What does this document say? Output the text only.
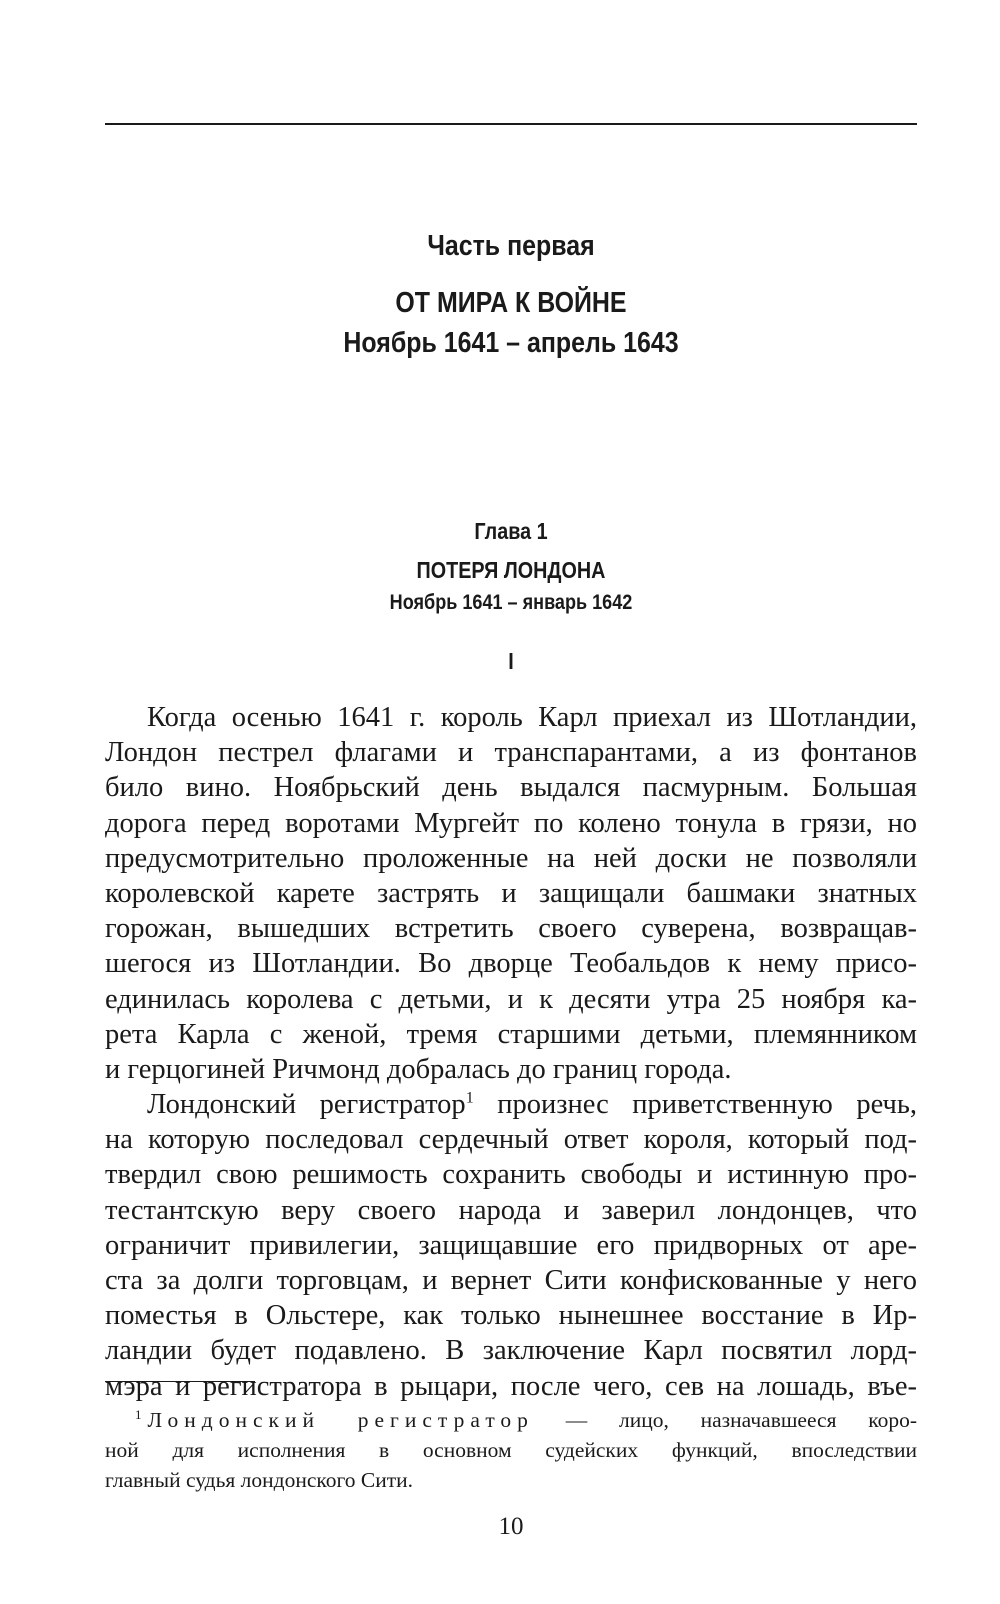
Часть первая
ОТ МИРА К ВОЙНЕ
Ноябрь 1641 – апрель 1643
Глава 1
ПОТЕРЯ ЛОНДОНА
Ноябрь 1641 – январь 1642
I
Когда осенью 1641 г. король Карл приехал из Шотландии,
Лондон пестрел флагами и транспарантами, а из фонтанов
било вино. Ноябрьский день выдался пасмурным. Большая
дорога перед воротами Мургейт по колено тонула в грязи, но
предусмотрительно проложенные на ней доски не позволяли
королевской карете застрять и защищали башмаки знатных
горожан, вышедших встретить своего суверена, возвращав-
шегося из Шотландии. Во дворце Теобальдов к нему присо-
единилась королева с детьми, и к десяти утра 25 ноября ка-
рета Карла с женой, тремя старшими детьми, племянником
и герцогиней Ричмонд добралась до границ города.
Лондонский регистратор$^1$ произнес приветственную речь,
на которую последовал сердечный ответ короля, который под-
твердил свою решимость сохранить свободы и истинную про-
тестантскую веру своего народа и заверил лондонцев, что
ограничит привилегии, защищавшие его придворных от аре-
ста за долги торговцам, и вернет Сити конфискованные у него
поместья в Ольстере, как только нынешнее восстание в Ир-
ландии будет подавлено. В заключение Карл посвятил лорд-
мэра и регистратора в рыцари, после чего, сев на лошадь, въе-
$^1$ Лондонский регистратор — лицо, назначавшееся коро-
ной для исполнения в основном судейских функций, впоследствии
главный судья лондонского Сити.
10
